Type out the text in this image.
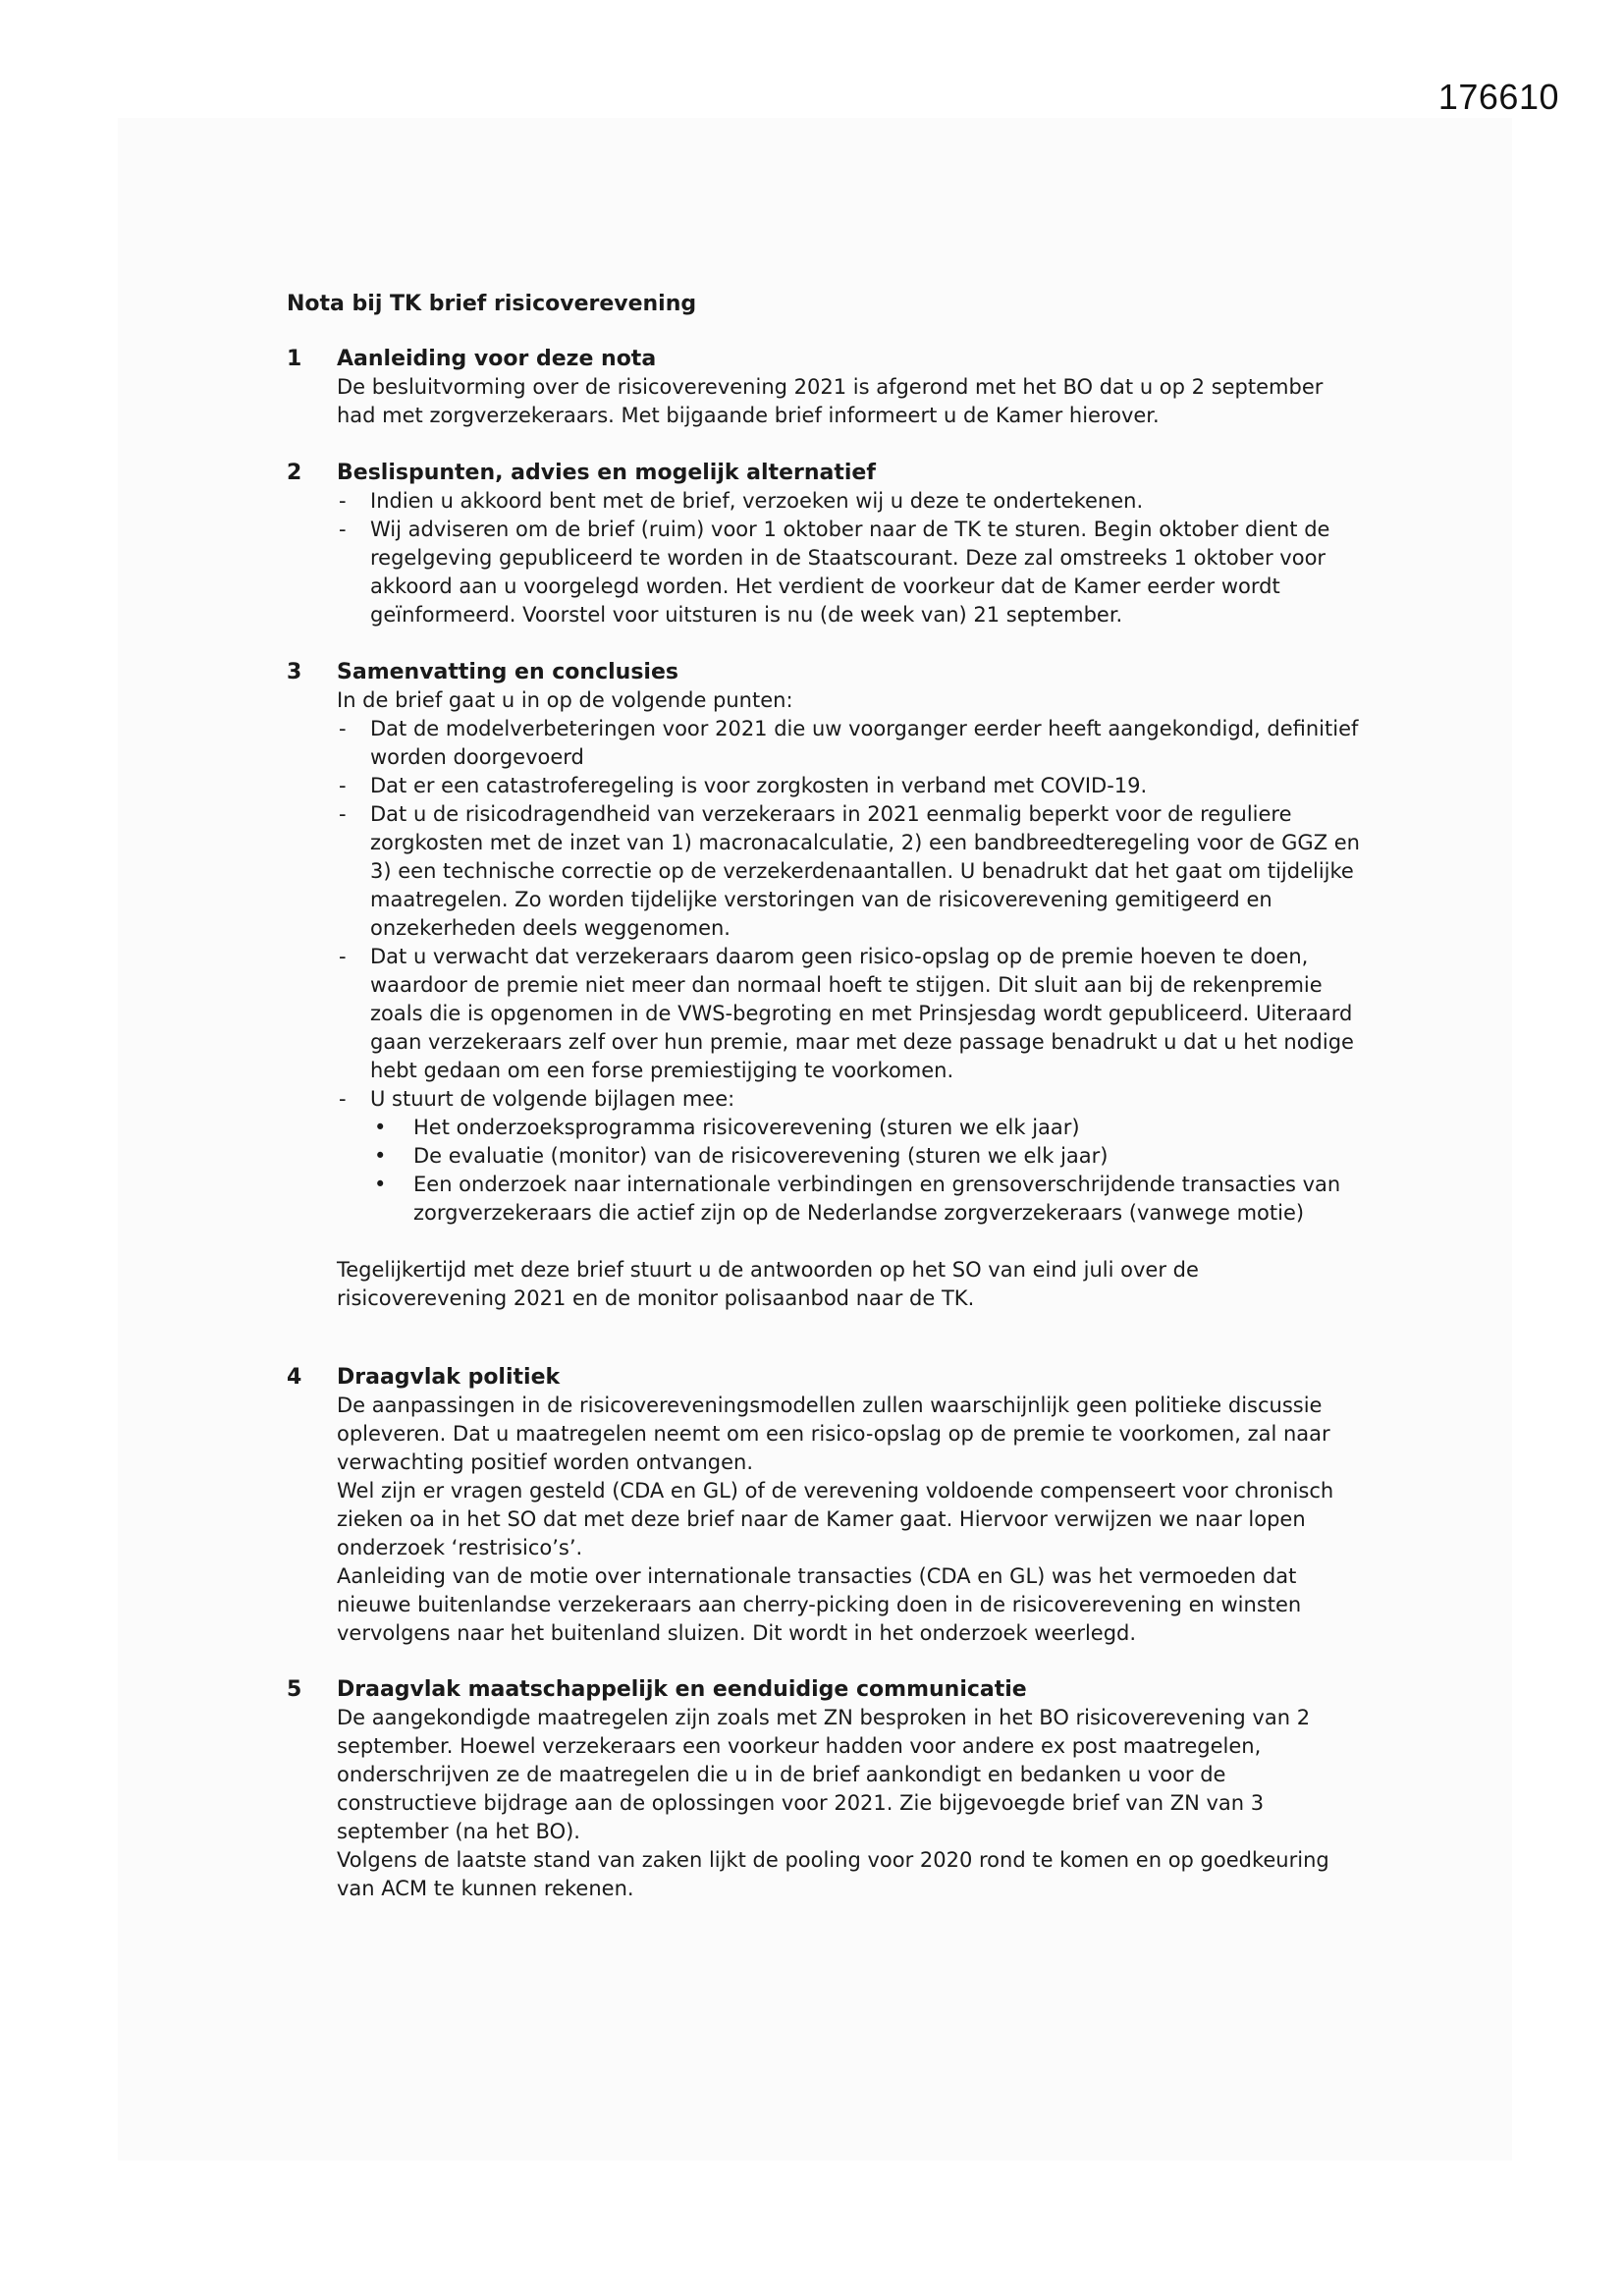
176610
Nota bij TK brief risicoverevening
1 Aanleiding voor deze nota

De besluitvorming over de risicoverevening 2021 is afgerond met het BO dat u op 2 september had met zorgverzekeraars. Met bijgaande brief informeert u de Kamer hierover.

2 Beslispunten, advies en mogelijk alternatief
- Indien u akkoord bent met de brief, verzoeken wij u deze te ondertekenen.
- Wij adviseren om de brief (ruim) voor 1 oktober naar de TK te sturen. Begin oktober dient de regelgeving gepubliceerd te worden in de Staatscourant. Deze zal omstreeks 1 oktober voor akkoord aan u voorgelegd worden. Het verdient de voorkeur dat de Kamer eerder wordt geïnformeerd. Voorstel voor uitsturen is nu (de week van) 21 september.
3 Samenvatting en conclusies

In de brief gaat u in op de volgende punten:

- Dat de modelverbeteringen voor 2021 die uw voorganger eerder heeft aangekondigd, definitief worden doorgevoerd
- Dat er een catastroferegeling is voor zorgkosten in verband met COVID-19.
- Dat u de risicodragendheid van verzekeraars in 2021 eenmalig beperkt voor de reguliere zorgkosten met de inzet van 1) macronacalculatie, 2) een bandbreedteregeling voor de GGZ en 3) een technische correctie op de verzekerdenaantallen. U benadrukt dat het gaat om tijdelijke maatregelen. Zo worden tijdelijke verstoringen van de risicoverevening gemitigeerd en onzekerheden deels weggenomen.
- Dat u verwacht dat verzekeraars daarom geen risico-opslag op de premie hoeven te doen, waardoor de premie niet meer dan normaal hoeft te stijgen. Dit sluit aan bij de rekenpremie zoals die is opgenomen in de VWS-begroting en met Prinsjesdag wordt gepubliceerd. Uiteraard gaan verzekeraars zelf over hun premie, maar met deze passage benadrukt u dat u het nodige hebt gedaan om een forse premiestijging te voorkomen.
- U stuurt de volgende bijlagen mee:
• Het onderzoeksprogramma risicoverevening (sturen we elk jaar)
• De evaluatie (monitor) van de risicoverevening (sturen we elk jaar)
• Een onderzoek naar internationale verbindingen en grensoverschrijdende transacties van zorgverzekeraars die actief zijn op de Nederlandse zorgverzekeraars (vanwege motie)

Tegelijkertijd met deze brief stuurt u de antwoorden op het SO van eind juli over de risicoverevening 2021 en de monitor polisaanbod naar de TK.

4 Draagvlak politiek

De aanpassingen in de risicovereveningsmodellen zullen waarschijnlijk geen politieke discussie opleveren. Dat u maatregelen neemt om een risico-opslag op de premie te voorkomen, zal naar verwachting positief worden ontvangen.

Wel zijn er vragen gesteld (CDA en GL) of de verevening voldoende compenseert voor chronisch zieken oa in het SO dat met deze brief naar de Kamer gaat. Hiervoor verwijzen we naar lopen onderzoek ‘restrisico’s’.

Aanleiding van de motie over internationale transacties (CDA en GL) was het vermoeden dat nieuwe buitenlandse verzekeraars aan cherry-picking doen in de risicoverevening en winsten vervolgens naar het buitenland sluizen. Dit wordt in het onderzoek weerlegd.

5 Draagvlak maatschappelijk en eenduidige communicatie

De aangekondigde maatregelen zijn zoals met ZN besproken in het BO risicoverevening van 2 september. Hoewel verzekeraars een voorkeur hadden voor andere ex post maatregelen, onderschrijven ze de maatregelen die u in de brief aankondigt en bedanken u voor de constructieve bijdrage aan de oplossingen voor 2021. Zie bijgevoegde brief van ZN van 3 september (na het BO).

Volgens de laatste stand van zaken lijkt de pooling voor 2020 rond te komen en op goedkeuring van ACM te kunnen rekenen.
